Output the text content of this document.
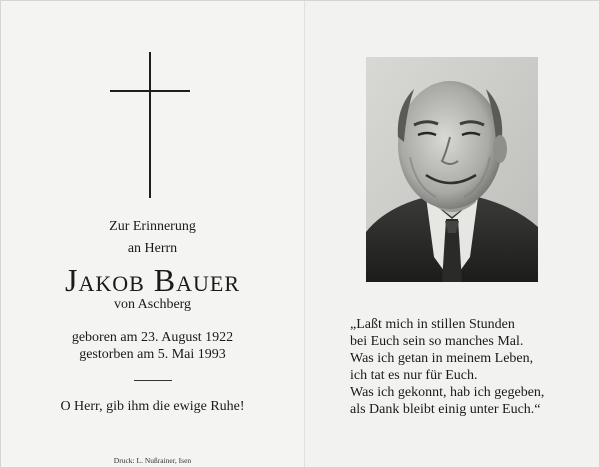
Zur Erinnerung
an Herrn
Jakob Bauer
von Aschberg
geboren am 23. August 1922
gestorben am 5. Mai 1993
O Herr, gib ihm die ewige Ruhe!
Druck: L. Nußrainer, Isen
„Laßt mich in stillen Stunden
bei Euch sein so manches Mal.
Was ich getan in meinem Leben,
ich tat es nur für Euch.
Was ich gekonnt, hab ich gegeben,
als Dank bleibt einig unter Euch.“
